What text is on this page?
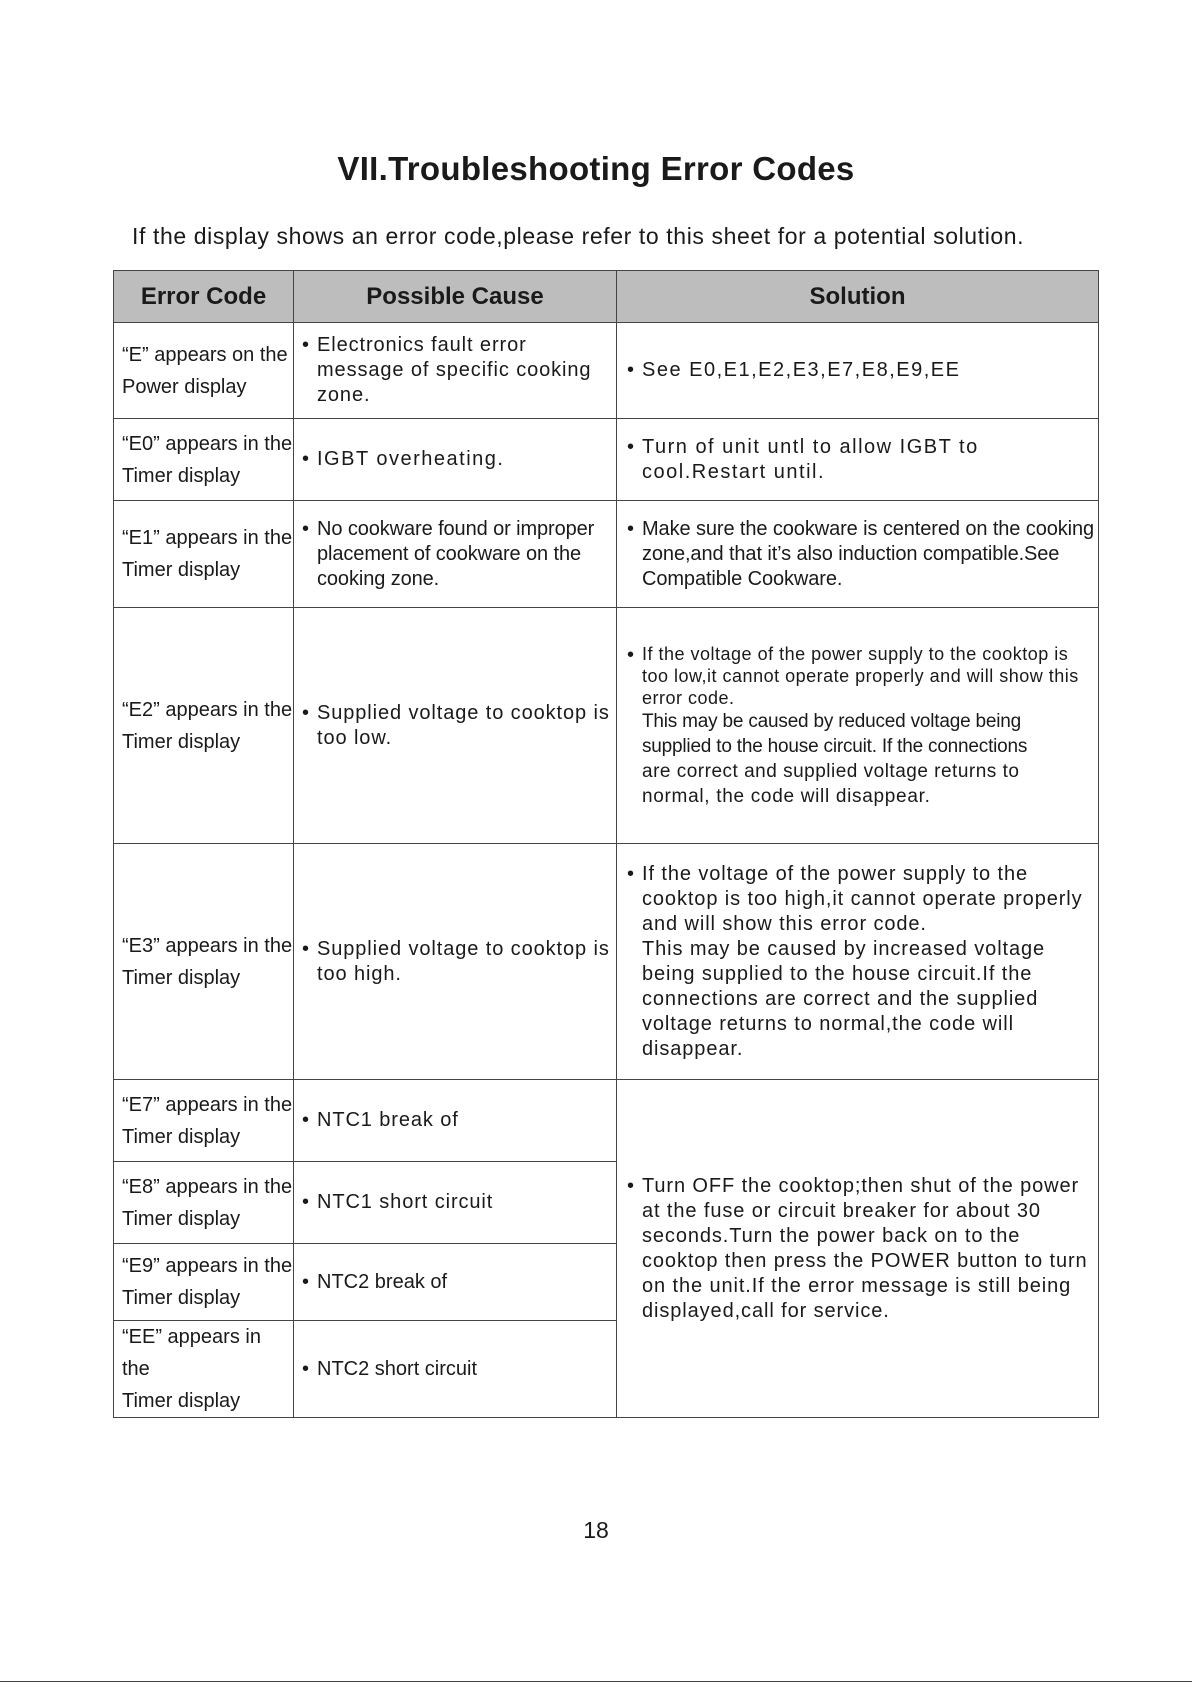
VII.Troubleshooting Error Codes
If the display shows an error code,please refer to this sheet for a potential solution.
Error Code	Possible Cause	Solution

“E” appears on the
Power display	• Electronics fault error message of specific cooking zone.	• See E0,E1,E2,E3,E7,E8,E9,EE

“E0” appears in the
Timer display	• IGBT overheating.	• Turn of unit untl to allow IGBT to cool.Restart until.

“E1” appears in the
Timer display	• No cookware found or improper placement of cookware on the cooking zone.	• Make sure the cookware is centered on the cooking zone,and that it’s also induction compatible.See Compatible Cookware.

“E2” appears in the
Timer display	• Supplied voltage to cooktop is too low.	• If the voltage of the power supply to the cooktop is too low,it cannot operate properly and will show this error code.
This may be caused by reduced voltage being
supplied to the house circuit. If the connections
are correct and supplied voltage returns to
normal, the code will disappear.

“E3” appears in the
Timer display	• Supplied voltage to cooktop is too high.	• If the voltage of the power supply to the cooktop is too high,it cannot operate properly and will show this error code.
This may be caused by increased voltage being supplied to the house circuit.If the connections are correct and the supplied voltage returns to normal,the code will disappear.

“E7” appears in the
Timer display	• NTC1 break of	• Turn OFF the cooktop;then shut of the power at the fuse or circuit breaker for about 30 seconds.Turn the power back on to the cooktop then press the POWER button to turn on the unit.If the error message is still being displayed,call for service.

“E8” appears in the
Timer display	• NTC1 short circuit

“E9” appears in the
Timer display	• NTC2 break of

“EE” appears in the
Timer display	• NTC2 short circuit
18
